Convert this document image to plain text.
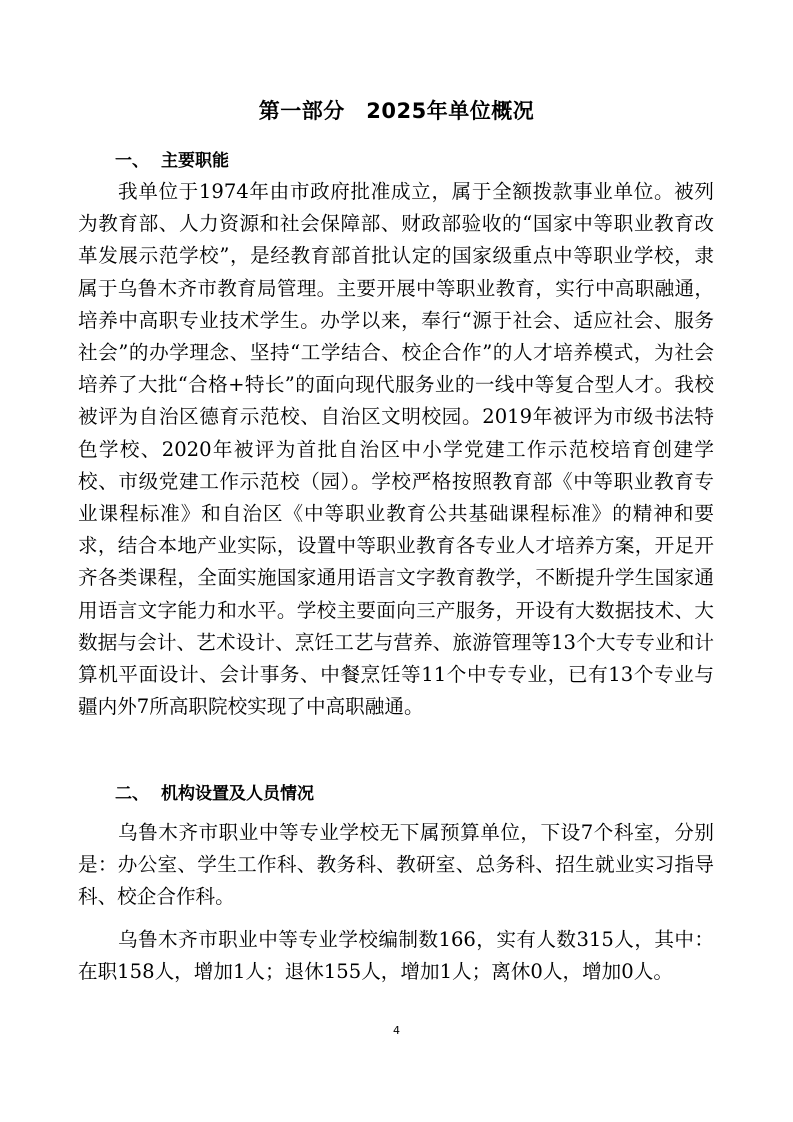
第一部分　2025年单位概况
一、 主要职能

我单位于1974年由市政府批准成立，属于全额拨款事业单位。被列为教育部、人力资源和社会保障部、财政部验收的“国家中等职业教育改革发展示范学校”，是经教育部首批认定的国家级重点中等职业学校，隶属于乌鲁木齐市教育局管理。主要开展中等职业教育，实行中高职融通，培养中高职专业技术学生。办学以来，奉行“源于社会、适应社会、服务社会”的办学理念、坚持“工学结合、校企合作”的人才培养模式，为社会培养了大批“合格+特长”的面向现代服务业的一线中等复合型人才。我校被评为自治区德育示范校、自治区文明校园。2019年被评为市级书法特色学校、2020年被评为首批自治区中小学党建工作示范校培育创建学校、市级党建工作示范校（园）。学校严格按照教育部《中等职业教育专业课程标准》和自治区《中等职业教育公共基础课程标准》的精神和要求，结合本地产业实际，设置中等职业教育各专业人才培养方案，开足开齐各类课程，全面实施国家通用语言文字教育教学，不断提升学生国家通用语言文字能力和水平。学校主要面向三产服务，开设有大数据技术、大数据与会计、艺术设计、烹饪工艺与营养、旅游管理等13个大专专业和计算机平面设计、会计事务、中餐烹饪等11个中专专业，已有13个专业与疆内外7所高职院校实现了中高职融通。

二、 机构设置及人员情况

乌鲁木齐市职业中等专业学校无下属预算单位，下设7个科室，分别是：办公室、学生工作科、教务科、教研室、总务科、招生就业实习指导科、校企合作科。

乌鲁木齐市职业中等专业学校编制数166，实有人数315人，其中：在职158人，增加1人；退休155人，增加1人；离休0人，增加0人。

4
